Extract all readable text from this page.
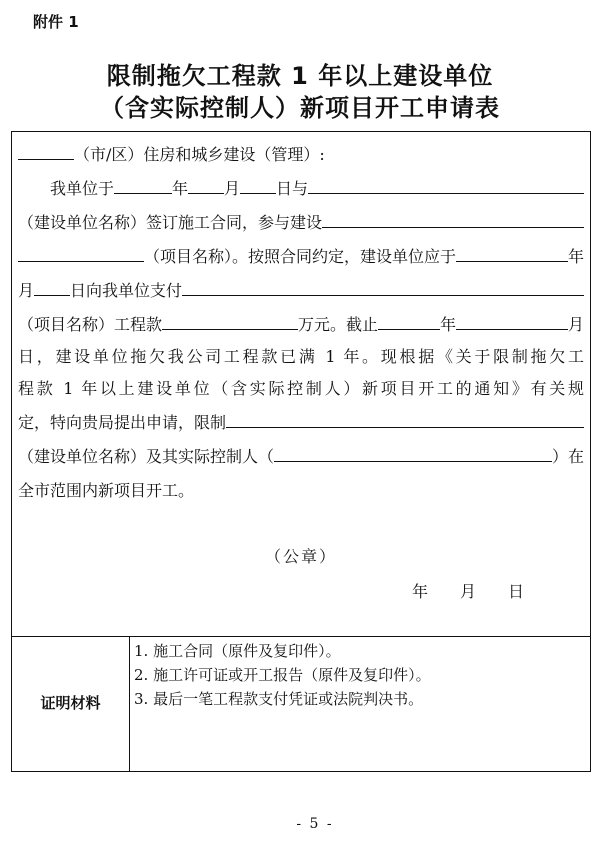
附件 1
限制拖欠工程款 1 年以上建设单位
（含实际控制人）新项目开工申请表
（市/区）住房和城乡建设（管理）:
我单位于	年 月 日与
（建设单位名称）签订施工合同，参与建设
（项目名称）。按照合同约定，建设单位应于	年
月 日向我单位支付
（项目名称）工程款	万元。截止	年	月
日，建设单位拖欠我公司工程款已满 1 年。现根据《关于限制拖欠工
程款 1 年以上建设单位（含实际控制人）新项目开工的通知》有关规
定，特向贵局提出申请，限制
（建设单位名称）及其实际控制人（	）在
全市范围内新项目开工。
（公章）
年 月 日
证明材料
1. 施工合同（原件及复印件）。
2. 施工许可证或开工报告（原件及复印件）。
3. 最后一笔工程款支付凭证或法院判决书。
- 5 -
